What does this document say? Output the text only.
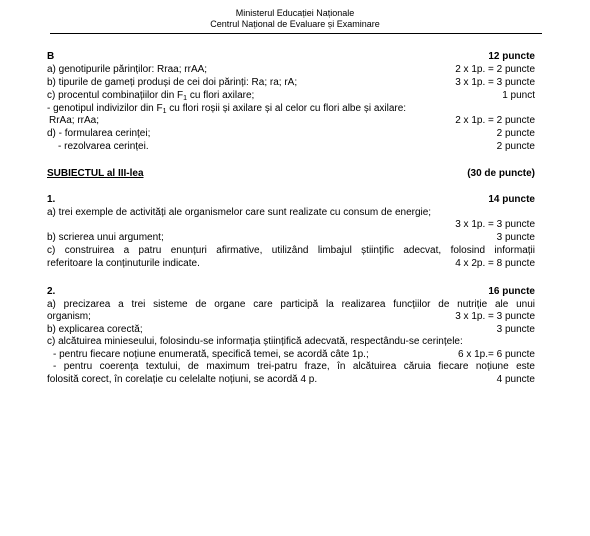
Ministerul Educației Naționale
Centrul Național de Evaluare și Examinare
B	12 puncte
a) genotipurile părinților: Rraa; rrAA;	2 x 1p. = 2 puncte
b) tipurile de gameți produși de cei doi părinți: Ra; ra; rA;	3 x 1p. = 3 puncte
c) procentul combinațiilor din $F_1$ cu flori axilare;	1 punct
- genotipul indivizilor din $F_1$ cu flori roșii și axilare și al celor cu flori albe și axilare:
RrAa; rrAa;	2 x 1p. = 2 puncte
d) - formularea cerinței;	2 puncte
- rezolvarea cerinței.	2 puncte
SUBIECTUL al III-lea	(30 de puncte)
1.	14 puncte
a) trei exemple de activități ale organismelor care sunt realizate cu consum de energie;
3 x 1p. = 3 puncte
b) scrierea unui argument;	3 puncte
c) construirea a patru enunțuri afirmative, utilizând limbajul științific adecvat, folosind informații
referitoare la conținuturile indicate.	4 x 2p. = 8 puncte
2.	16 puncte
a) precizarea a trei sisteme de organe care participă la realizarea funcțiilor de nutriție ale unui
organism;	3 x 1p. = 3 puncte
b) explicarea corectă;	3 puncte
c) alcătuirea minieseului, folosindu-se informația științifică adecvată, respectându-se cerințele:
- pentru fiecare noțiune enumerată, specifică temei, se acordă câte 1p.;	6 x 1p.= 6 puncte
- pentru coerența textului, de maximum trei-patru fraze, în alcătuirea căruia fiecare noțiune este
folosită corect, în corelație cu celelalte noțiuni, se acordă 4 p.	4 puncte
